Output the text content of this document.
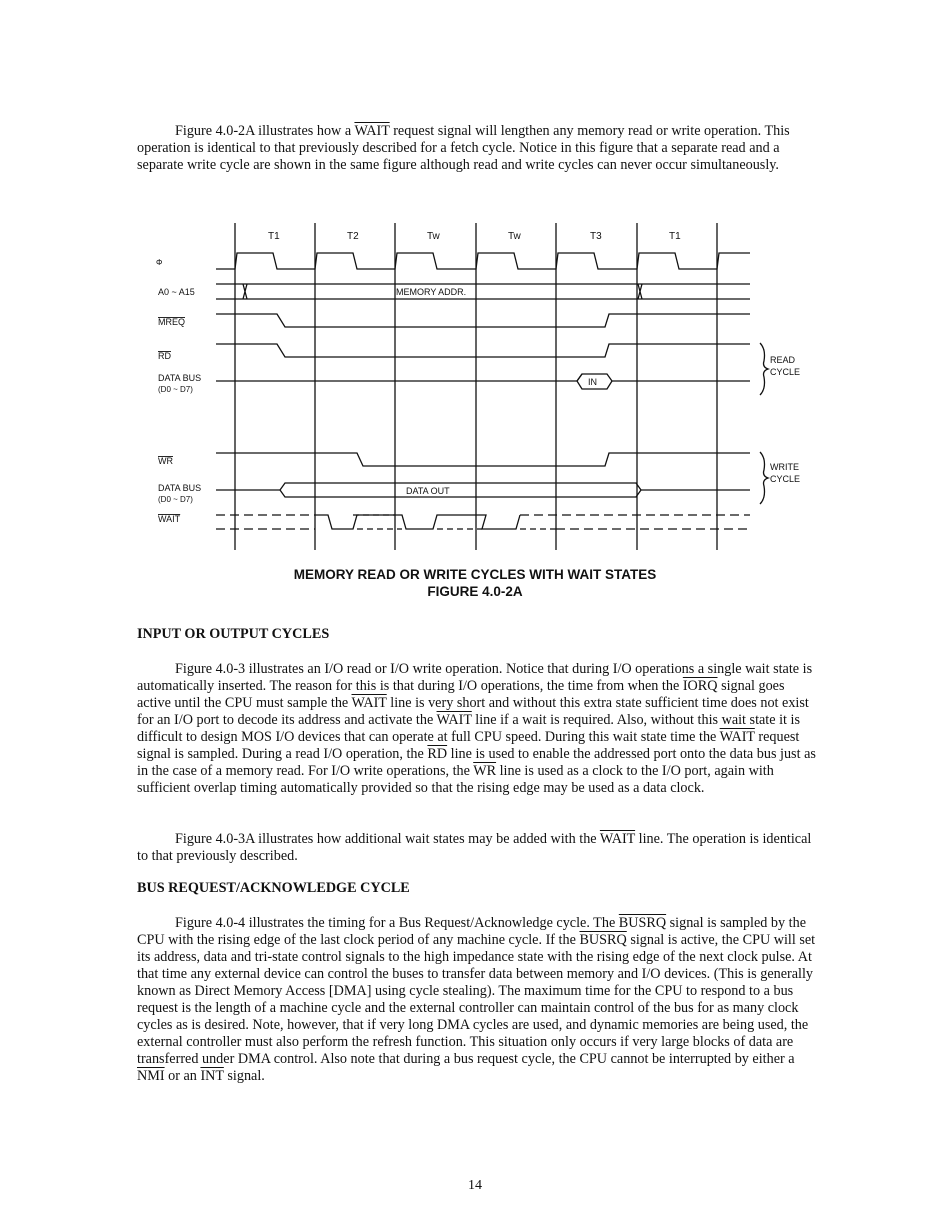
Figure 4.0-2A illustrates how a WAIT request signal will lengthen any memory read or write operation. This operation is identical to that previously described for a fetch cycle. Notice in this figure that a separate read and a separate write cycle are shown in the same figure although read and write cycles can never occur simultaneously.

T1	T2	Tw	Tw	T3	T1
Φ
A0 ~ A15
MREQ
RD
DATA BUS
(D0 ~ D7)
WR
DATA BUS
(D0 ~ D7)
WAIT
MEMORY ADDR.
IN
DATA OUT
READ
CYCLE
WRITE
CYCLE

MEMORY READ OR WRITE CYCLES WITH WAIT STATES

FIGURE 4.0-2A

INPUT OR OUTPUT CYCLES

Figure 4.0-3 illustrates an I/O read or I/O write operation. Notice that during I/O operations a single wait state is automatically inserted. The reason for this is that during I/O operations, the time from when the IORQ signal goes active until the CPU must sample the WAIT line is very short and without this extra state sufficient time does not exist for an I/O port to decode its address and activate the WAIT line if a wait is required. Also, without this wait state it is difficult to design MOS I/O devices that can operate at full CPU speed. During this wait state time the WAIT request signal is sampled. During a read I/O operation, the $\overline{RD}$ line is used to enable the addressed port onto the data bus just as in the case of a memory read. For I/O write operations, the $\overline{WR}$ line is used as a clock to the I/O port, again with sufficient overlap timing automatically provided so that the rising edge may be used as a data clock.

Figure 4.0-3A illustrates how additional wait states may be added with the WAIT line. The operation is identical to that previously described.

BUS REQUEST/ACKNOWLEDGE CYCLE

Figure 4.0-4 illustrates the timing for a Bus Request/Acknowledge cycle. The BUSRQ signal is sampled by the CPU with the rising edge of the last clock period of any machine cycle. If the BUSRQ signal is active, the CPU will set its address, data and tri-state control signals to the high impedance state with the rising edge of the next clock pulse. At that time any external device can control the buses to transfer data between memory and I/O devices. (This is generally known as Direct Memory Access [DMA] using cycle stealing). The maximum time for the CPU to respond to a bus request is the length of a machine cycle and the external controller can maintain control of the bus for as many clock cycles as is desired. Note, however, that if very long DMA cycles are used, and dynamic memories are being used, the external controller must also perform the refresh function. This situation only occurs if very large blocks of data are transferred under DMA control. Also note that during a bus request cycle, the CPU cannot be interrupted by either a $\overline{NMI}$ or an $\overline{INT}$ signal.

14
